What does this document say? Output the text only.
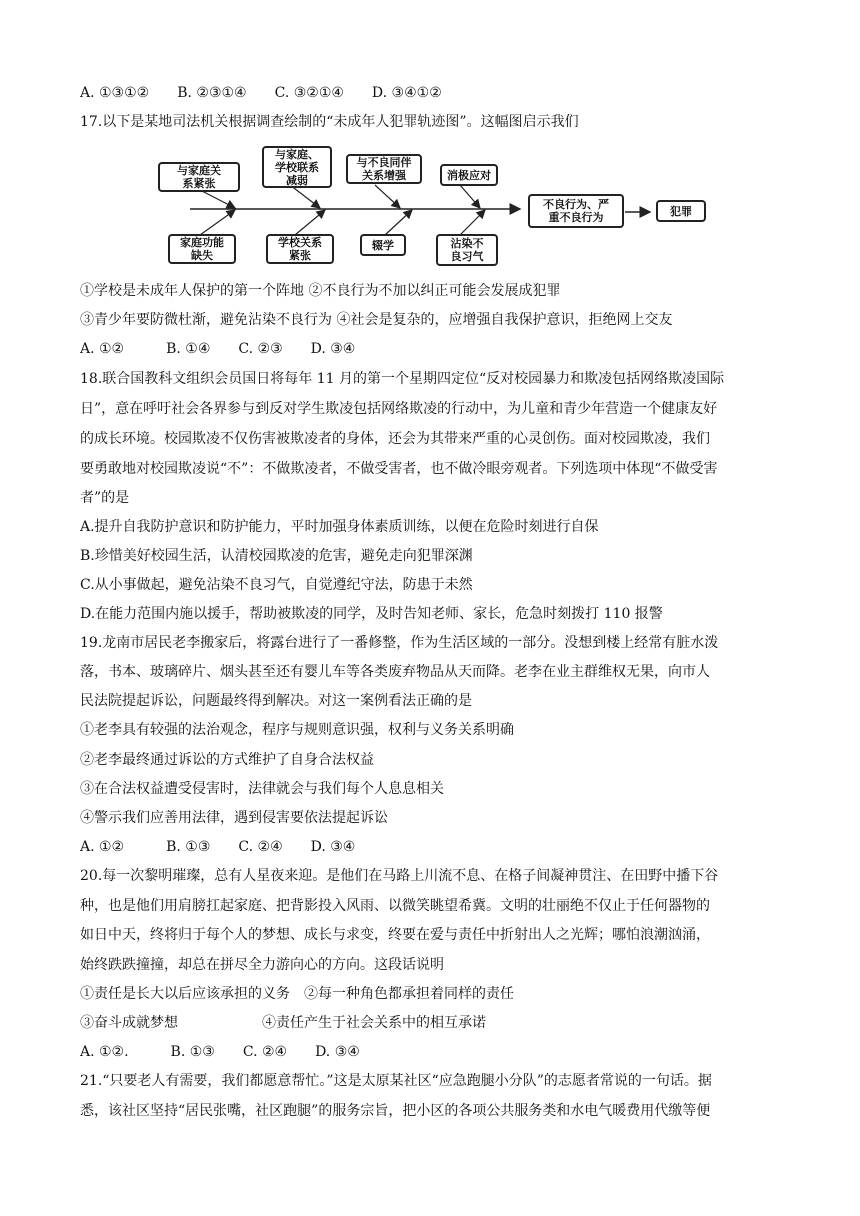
A. ①③①②　　B. ②③①④　　C. ③②①④　　D. ③④①②
17.以下是某地司法机关根据调查绘制的“未成年人犯罪轨迹图”。这幅图启示我们
与家庭关
系紧张
与家庭、
学校联系
减弱
与不良同伴
关系增强	消极应对
家庭功能
缺失
学校关系
紧张
辍学	沾染不
良习气
不良行为、严
重不良行为	犯罪
①学校是未成年人保护的第一个阵地 ②不良行为不加以纠正可能会发展成犯罪
③青少年要防微杜渐，避免沾染不良行为 ④社会是复杂的，应增强自我保护意识，拒绝网上交友
A. ①②　　　B. ①④　　C. ②③　　D. ③④
18.联合国教科文组织会员国日将每年 11 月的第一个星期四定位“反对校园暴力和欺凌包括网络欺凌国际
日”，意在呼吁社会各界参与到反对学生欺凌包括网络欺凌的行动中，为儿童和青少年营造一个健康友好
的成长环境。校园欺凌不仅伤害被欺凌者的身体，还会为其带来严重的心灵创伤。面对校园欺凌，我们
要勇敢地对校园欺凌说“不”：不做欺凌者，不做受害者，也不做冷眼旁观者。下列选项中体现“不做受害
者”的是
A.提升自我防护意识和防护能力，平时加强身体素质训练，以便在危险时刻进行自保
B.珍惜美好校园生活，认清校园欺凌的危害，避免走向犯罪深渊
C.从小事做起，避免沾染不良习气，自觉遵纪守法，防患于未然
D.在能力范围内施以援手，帮助被欺凌的同学，及时告知老师、家长，危急时刻拨打 110 报警
19.龙南市居民老李搬家后，将露台进行了一番修整，作为生活区域的一部分。没想到楼上经常有脏水泼
落，书本、玻璃碎片、烟头甚至还有婴儿车等各类废弃物品从天而降。老李在业主群维权无果，向市人
民法院提起诉讼，问题最终得到解决。对这一案例看法正确的是
①老李具有较强的法治观念，程序与规则意识强，权利与义务关系明确
②老李最终通过诉讼的方式维护了自身合法权益
③在合法权益遭受侵害时，法律就会与我们每个人息息相关
④警示我们应善用法律，遇到侵害要依法提起诉讼
A. ①②　　　B. ①③　　C. ②④　　D. ③④
20.每一次黎明璀璨，总有人星夜来迎。是他们在马路上川流不息、在格子间凝神贯注、在田野中播下谷
种，也是他们用肩膀扛起家庭、把背影投入风雨、以微笑眺望希冀。文明的壮丽绝不仅止于任何器物的
如日中天，终将归于每个人的梦想、成长与求变，终要在爱与责任中折射出人之光辉；哪怕浪潮汹涌，
始终跌跌撞撞，却总在拼尽全力游向心的方向。这段话说明
①责任是长大以后应该承担的义务　②每一种角色都承担着同样的责任
③奋斗成就梦想　　　　　　④责任产生于社会关系中的相互承诺
A. ①②.　　　B. ①③　　C. ②④　　D. ③④
21.“只要老人有需要，我们都愿意帮忙。”这是太原某社区“应急跑腿小分队”的志愿者常说的一句话。据
悉，该社区坚持“居民张嘴，社区跑腿”的服务宗旨，把小区的各项公共服务类和水电气暖费用代缴等便
